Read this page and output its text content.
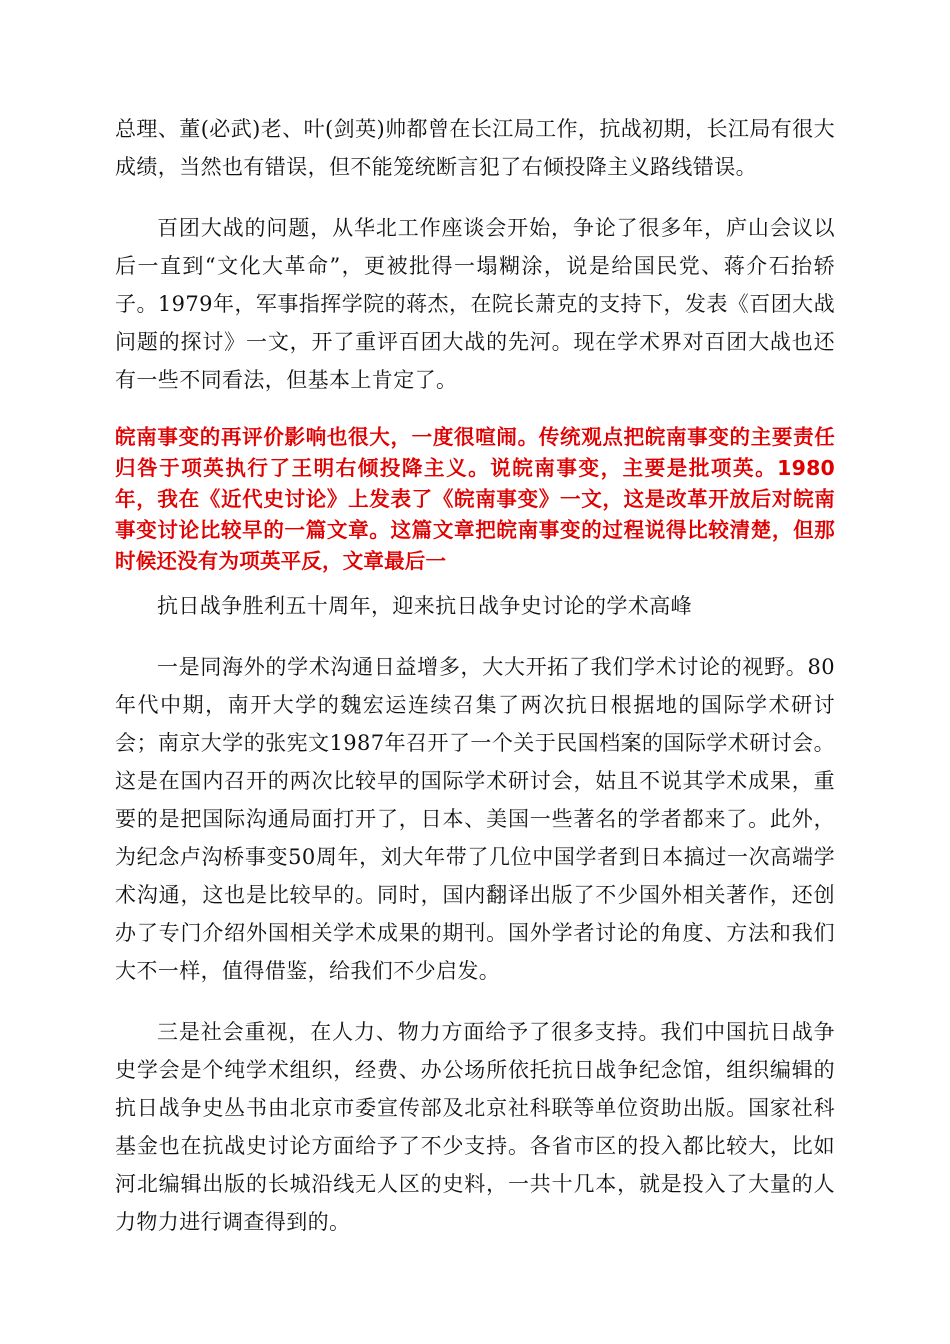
总理、董(必武)老、叶(剑英)帅都曾在长江局工作，抗战初期，长江局有很大成绩，当然也有错误，但不能笼统断言犯了右倾投降主义路线错误。

百团大战的问题，从华北工作座谈会开始，争论了很多年，庐山会议以后一直到“文化大革命”，更被批得一塌糊涂，说是给国民党、蒋介石抬轿子。1979年，军事指挥学院的蒋杰，在院长萧克的支持下，发表《百团大战问题的探讨》一文，开了重评百团大战的先河。现在学术界对百团大战也还有一些不同看法，但基本上肯定了。

皖南事变的再评价影响也很大，一度很喧闹。传统观点把皖南事变的主要责任归咎于项英执行了王明右倾投降主义。说皖南事变，主要是批项英。1980年，我在《近代史讨论》上发表了《皖南事变》一文，这是改革开放后对皖南事变讨论比较早的一篇文章。这篇文章把皖南事变的过程说得比较清楚，但那时候还没有为项英平反，文章最后一

抗日战争胜利五十周年，迎来抗日战争史讨论的学术高峰

一是同海外的学术沟通日益增多，大大开拓了我们学术讨论的视野。80年代中期，南开大学的魏宏运连续召集了两次抗日根据地的国际学术研讨会；南京大学的张宪文1987年召开了一个关于民国档案的国际学术研讨会。这是在国内召开的两次比较早的国际学术研讨会，姑且不说其学术成果，重要的是把国际沟通局面打开了，日本、美国一些著名的学者都来了。此外，为纪念卢沟桥事变50周年，刘大年带了几位中国学者到日本搞过一次高端学术沟通，这也是比较早的。同时，国内翻译出版了不少国外相关著作，还创办了专门介绍外国相关学术成果的期刊。国外学者讨论的角度、方法和我们大不一样，值得借鉴，给我们不少启发。

三是社会重视，在人力、物力方面给予了很多支持。我们中国抗日战争史学会是个纯学术组织，经费、办公场所依托抗日战争纪念馆，组织编辑的抗日战争史丛书由北京市委宣传部及北京社科联等单位资助出版。国家社科基金也在抗战史讨论方面给予了不少支持。各省市区的投入都比较大，比如河北编辑出版的长城沿线无人区的史料，一共十几本，就是投入了大量的人力物力进行调查得到的。
